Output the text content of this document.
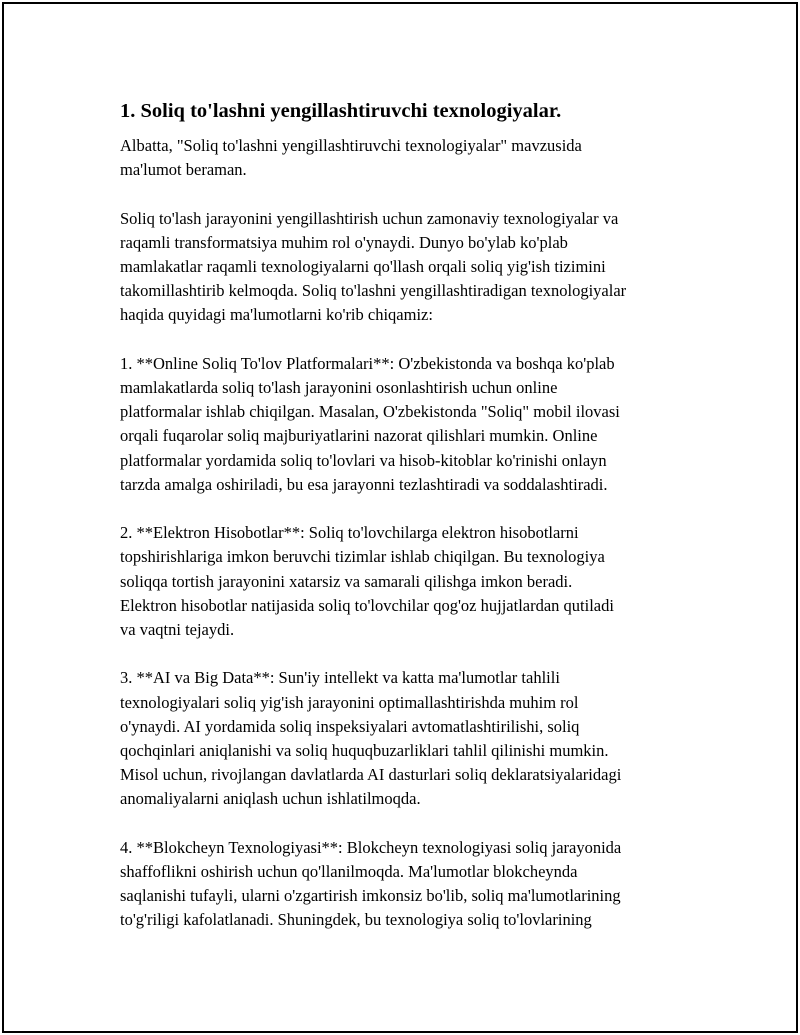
1. Soliq to'lashni yengillashtiruvchi texnologiyalar.

Albatta, "Soliq to'lashni yengillashtiruvchi texnologiyalar" mavzusida
ma'lumot beraman.

Soliq to'lash jarayonini yengillashtirish uchun zamonaviy texnologiyalar va
raqamli transformatsiya muhim rol o'ynaydi. Dunyo bo'ylab ko'plab
mamlakatlar raqamli texnologiyalarni qo'llash orqali soliq yig'ish tizimini
takomillashtirib kelmoqda. Soliq to'lashni yengillashtiradigan texnologiyalar
haqida quyidagi ma'lumotlarni ko'rib chiqamiz:

1. **Online Soliq To'lov Platformalari**: O'zbekistonda va boshqa ko'plab
mamlakatlarda soliq to'lash jarayonini osonlashtirish uchun online
platformalar ishlab chiqilgan. Masalan, O'zbekistonda "Soliq" mobil ilovasi
orqali fuqarolar soliq majburiyatlarini nazorat qilishlari mumkin. Online
platformalar yordamida soliq to'lovlari va hisob-kitoblar ko'rinishi onlayn
tarzda amalga oshiriladi, bu esa jarayonni tezlashtiradi va soddalashtiradi.

2. **Elektron Hisobotlar**: Soliq to'lovchilarga elektron hisobotlarni
topshirishlariga imkon beruvchi tizimlar ishlab chiqilgan. Bu texnologiya
soliqqa tortish jarayonini xatarsiz va samarali qilishga imkon beradi.
Elektron hisobotlar natijasida soliq to'lovchilar qog'oz hujjatlardan qutiladi
va vaqtni tejaydi.

3. **AI va Big Data**: Sun'iy intellekt va katta ma'lumotlar tahlili
texnologiyalari soliq yig'ish jarayonini optimallashtirishda muhim rol
o'ynaydi. AI yordamida soliq inspeksiyalari avtomatlashtirilishi, soliq
qochqinlari aniqlanishi va soliq huquqbuzarliklari tahlil qilinishi mumkin.
Misol uchun, rivojlangan davlatlarda AI dasturlari soliq deklaratsiyalaridagi
anomaliyalarni aniqlash uchun ishlatilmoqda.

4. **Blokcheyn Texnologiyasi**: Blokcheyn texnologiyasi soliq jarayonida
shaffoflikni oshirish uchun qo'llanilmoqda. Ma'lumotlar blokcheynda
saqlanishi tufayli, ularni o'zgartirish imkonsiz bo'lib, soliq ma'lumotlarining
to'g'riligi kafolatlanadi. Shuningdek, bu texnologiya soliq to'lovlarining
